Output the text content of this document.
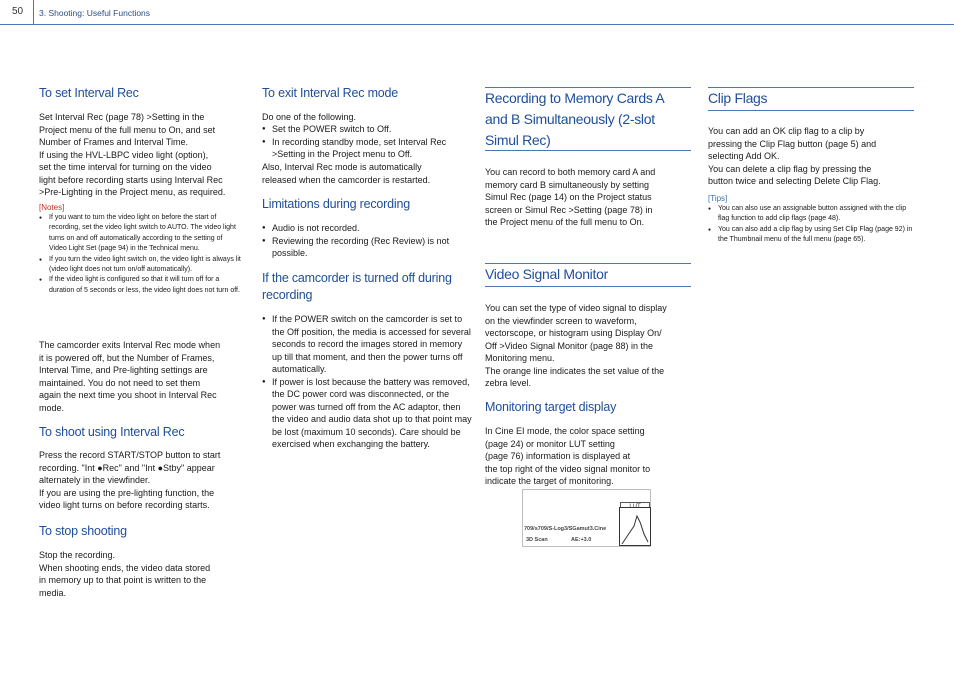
50 3. Shooting: Useful Functions
To set Interval Rec
Set Interval Rec (page 78) >Setting in the
Project menu of the full menu to On, and set
Number of Frames and Interval Time.
If using the HVL-LBPC video light (option),
set the time interval for turning on the video
light before recording starts using Interval Rec
>Pre-Lighting in the Project menu, as required.
[Notes]
● If you want to turn the video light on before the start of recording, set the video light switch to AUTO. The video light turns on and off automatically according to the setting of Video Light Set (page 94) in the Technical menu.
● If you turn the video light switch on, the video light is always lit (video light does not turn on/off automatically).
● If the video light is configured so that it will turn off for a duration of 5 seconds or less, the video light does not turn off.
The camcorder exits Interval Rec mode when
it is powered off, but the Number of Frames,
Interval Time, and Pre-lighting settings are
maintained. You do not need to set them
again the next time you shoot in Interval Rec
mode.
To shoot using Interval Rec
Press the record START/STOP button to start
recording. "Int ●Rec" and "Int ●Stby" appear
alternately in the viewfinder.
If you are using the pre-lighting function, the
video light turns on before recording starts.
To stop shooting
Stop the recording.
When shooting ends, the video data stored
in memory up to that point is written to the
media.
To exit Interval Rec mode
Do one of the following.
● Set the POWER switch to Off.
● In recording standby mode, set Interval Rec >Setting in the Project menu to Off.
Also, Interval Rec mode is automatically
released when the camcorder is restarted.
Limitations during recording
● Audio is not recorded.
● Reviewing the recording (Rec Review) is not possible.
If the camcorder is turned off during recording
● If the POWER switch on the camcorder is set to the Off position, the media is accessed for several seconds to record the images stored in memory up till that moment, and then the power turns off automatically.
● If power is lost because the battery was removed, the DC power cord was disconnected, or the power was turned off from the AC adaptor, then the video and audio data shot up to that point may be lost (maximum 10 seconds). Care should be exercised when exchanging the battery.
Recording to Memory Cards A and B Simultaneously (2-slot Simul Rec)
You can record to both memory card A and
memory card B simultaneously by setting
Simul Rec (page 14) on the Project status
screen or Simul Rec >Setting (page 78) in
the Project menu of the full menu to On.
Video Signal Monitor
You can set the type of video signal to display
on the viewfinder screen to waveform,
vectorscope, or histogram using Display On/
Off >Video Signal Monitor (page 88) in the
Monitoring menu.
The orange line indicates the set value of the
zebra level.
Monitoring target display
In Cine EI mode, the color space setting
(page 24) or monitor LUT setting
(page 76) information is displayed at
the top right of the video signal monitor to
indicate the target of monitoring.
709/s709/S-Log3/SGamut3.Cine
3D Scan	AE:+3.0
Clip Flags
You can add an OK clip flag to a clip by
pressing the Clip Flag button (page 5) and
selecting Add OK.
You can delete a clip flag by pressing the
button twice and selecting Delete Clip Flag.
[Tips]
● You can also use an assignable button assigned with the clip flag function to add clip flags (page 48).
● You can also add a clip flag by using Set Clip Flag (page 92) in the Thumbnail menu of the full menu (page 65).
